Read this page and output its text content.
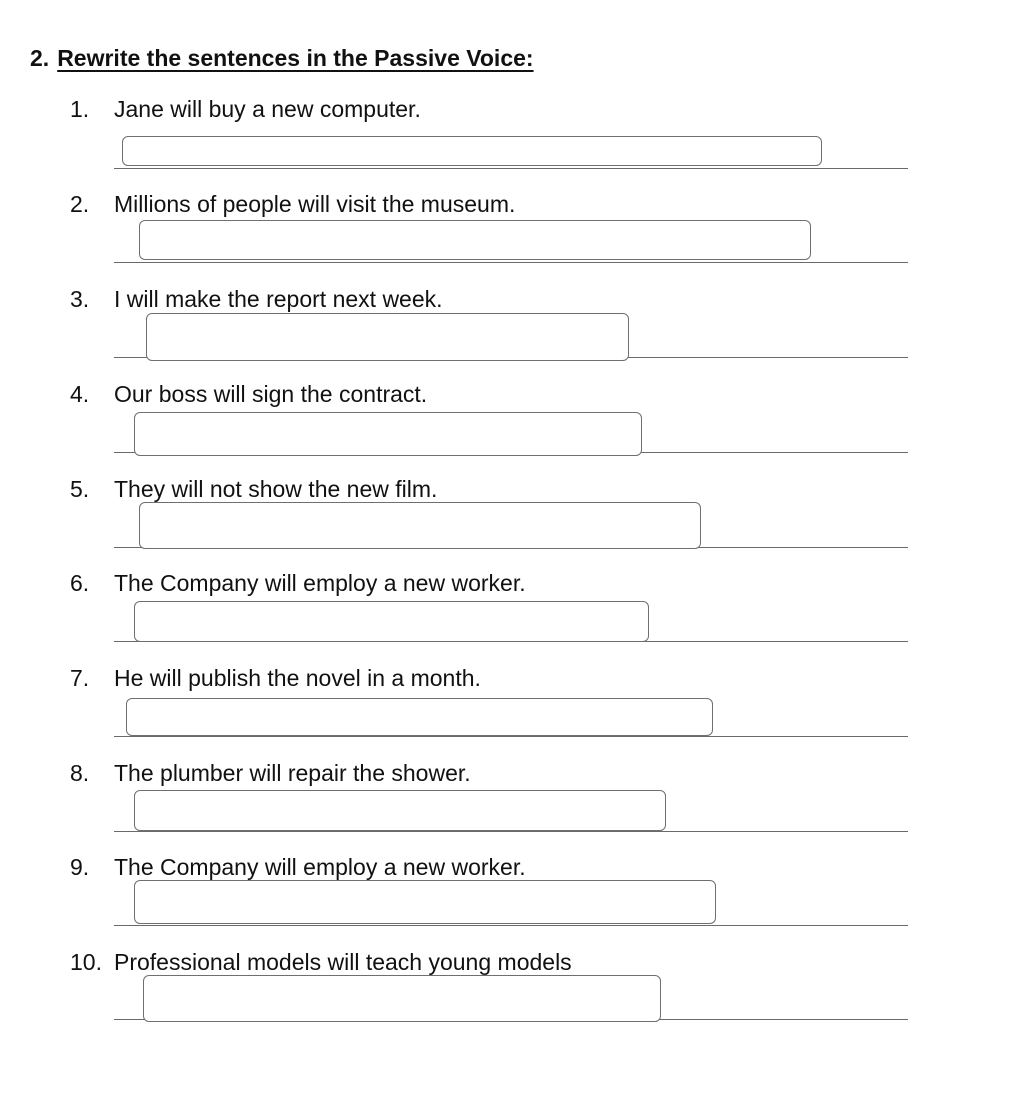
2. Rewrite the sentences in the Passive Voice:
1.	Jane will buy a new computer.
2.	Millions of people will visit the museum.
3.	I will make the report next week.
4.	Our boss will sign the contract.
5.	They will not show the new film.
6.	The Company will employ a new worker.
7.	He will publish the novel in a month.
8.	The plumber will repair the shower.
9.	The Company will employ a new worker.
10. Professional models will teach young models
